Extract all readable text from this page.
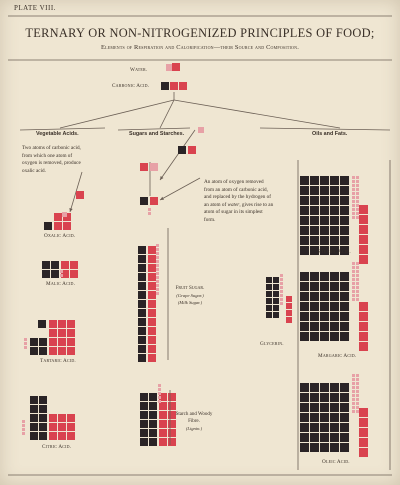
PLATE VIII.
TERNARY OR NON-NITROGENIZED PRINCIPLES OF FOOD;
Elements of Respiration and Calorification—their Source and Composition.
Water.
Carbonic Acid.
Vegetable Acids.	Sugars and Starches.	Oils and Fats.
Two atoms of carbonic acid, from which one atom of oxygen is removed, produce oxalic acid.
An atom of oxygen removed from an atom of carbonic acid, and replaced by the hydrogen of an atom of water, gives rise to an atom of sugar in its simplest form.
Oxalic Acid.
Malic Acid.
Tartaric Acid.
Citric Acid.
Fruit Sugar.
(Grape Sugar.)
(Milk Sugar.)
Starch and Woody Fibre.
(Lignin.)
Stearic Acid.
Margaric Acid.
Glycerin.
Oleic Acid.
